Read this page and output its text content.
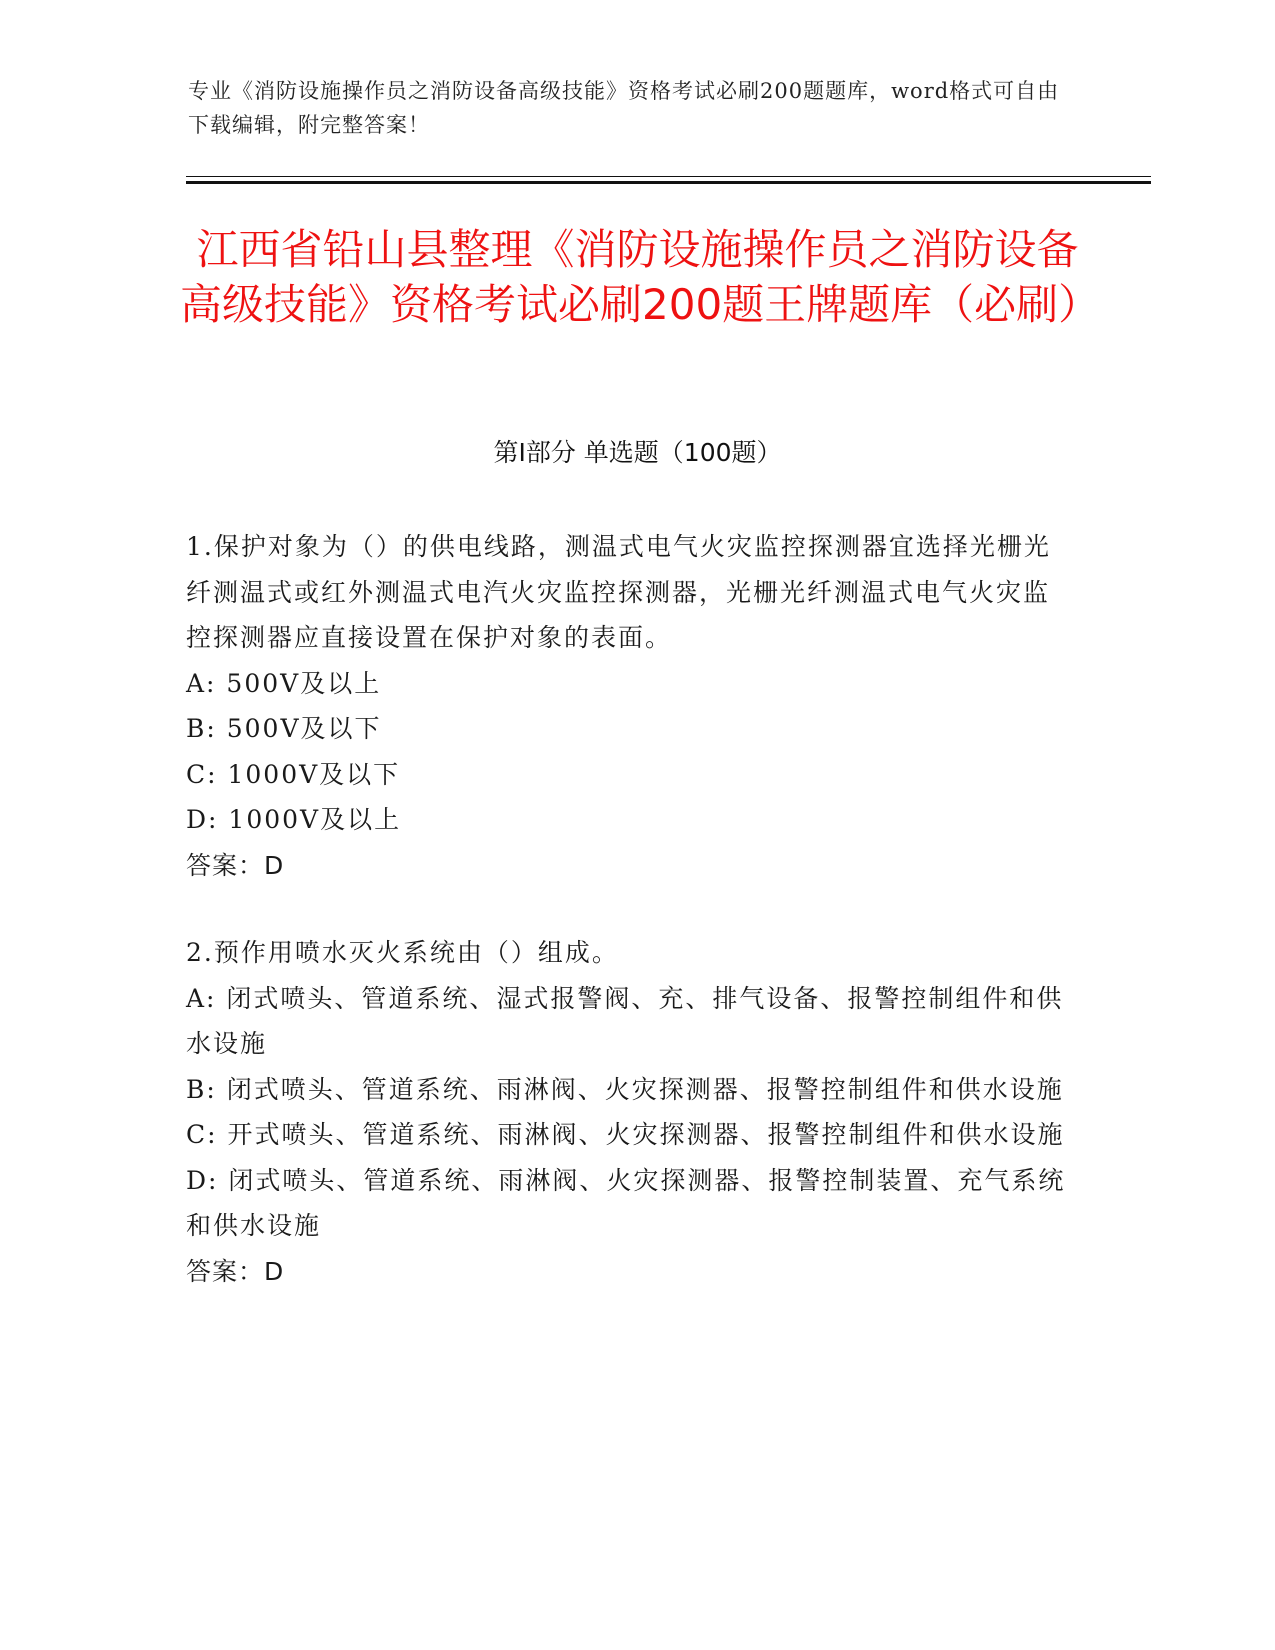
专业《消防设施操作员之消防设备高级技能》资格考试必刷200题题库，word格式可自由下载编辑，附完整答案！
江西省铅山县整理《消防设施操作员之消防设备高级技能》资格考试必刷200题王牌题库（必刷）
第Ⅰ部分 单选题（100题）
1.保护对象为（）的供电线路，测温式电气火灾监控探测器宜选择光栅光纤测温式或红外测温式电汽火灾监控探测器，光栅光纤测温式电气火灾监控探测器应直接设置在保护对象的表面。
A: 500V及以上
B: 500V及以下
C: 1000V及以下
D: 1000V及以上
答案：D
2.预作用喷水灭火系统由（）组成。
A: 闭式喷头、管道系统、湿式报警阀、充、排气设备、报警控制组件和供水设施
B: 闭式喷头、管道系统、雨淋阀、火灾探测器、报警控制组件和供水设施
C: 开式喷头、管道系统、雨淋阀、火灾探测器、报警控制组件和供水设施
D: 闭式喷头、管道系统、雨淋阀、火灾探测器、报警控制装置、充气系统和供水设施
答案：D
